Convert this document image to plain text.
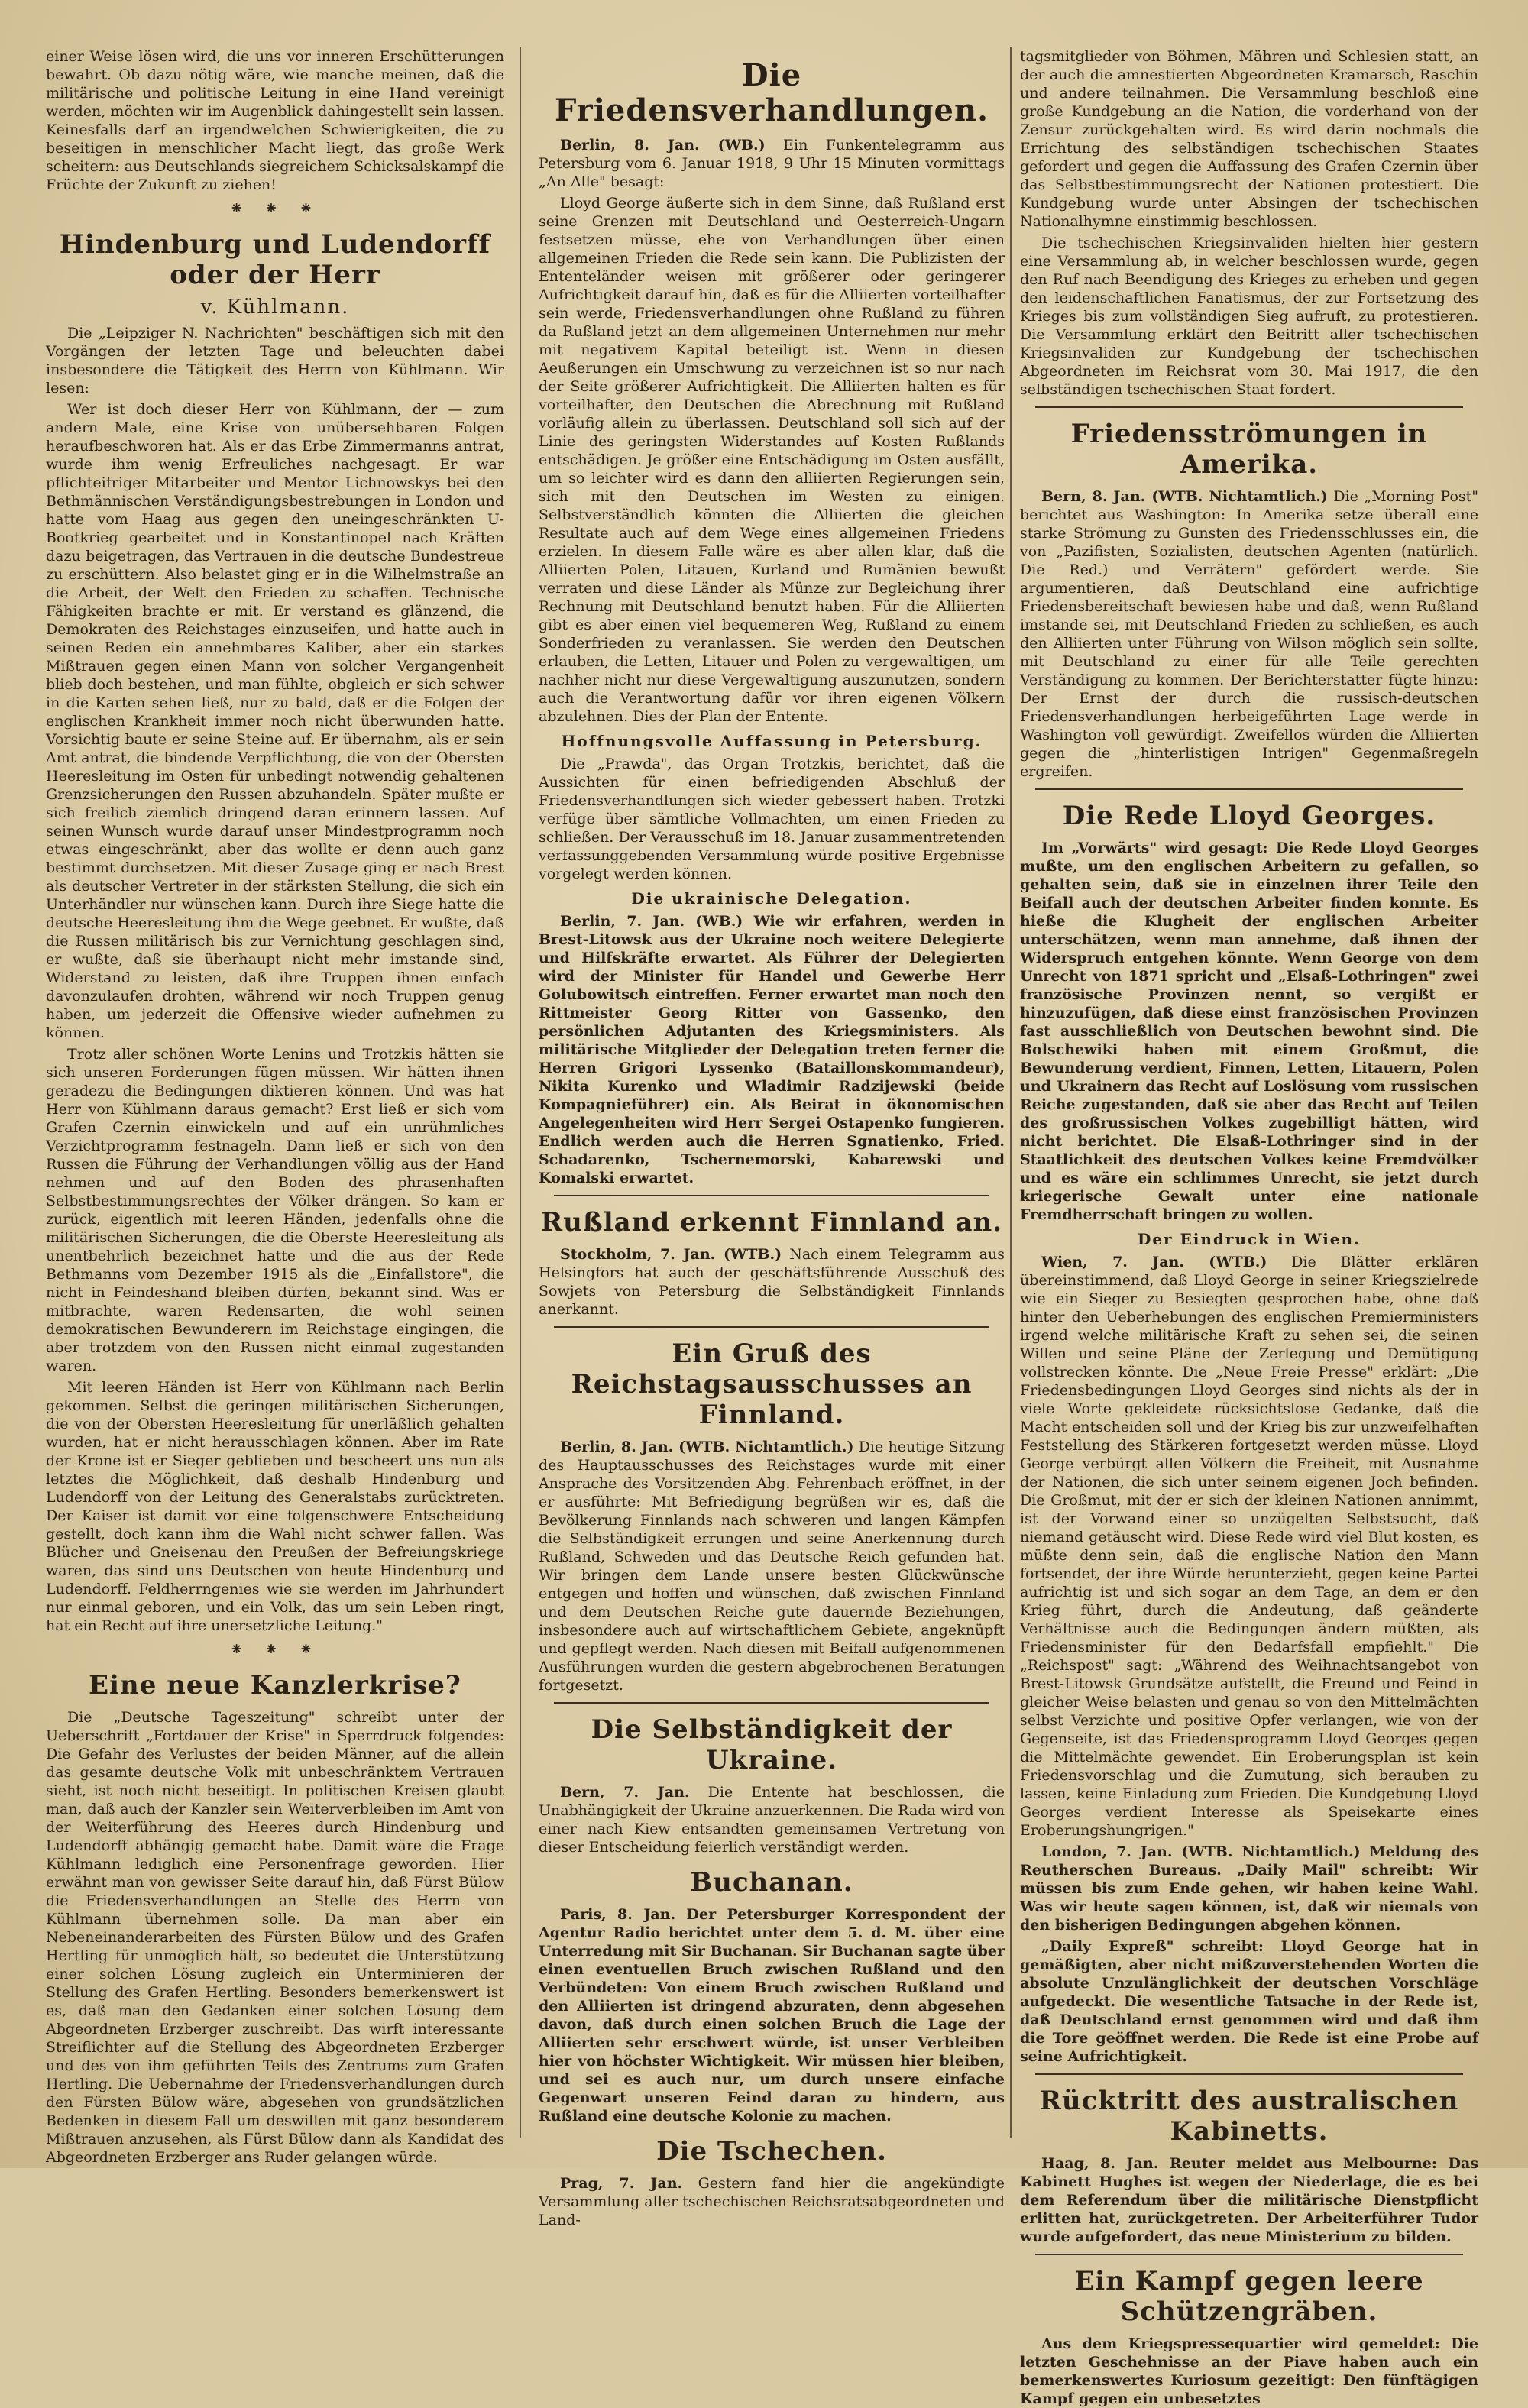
einer Weise lösen wird, die uns vor inneren Erschütterungen bewahrt. Ob dazu nötig wäre, wie manche meinen, daß die militärische und politische Leitung in eine Hand vereinigt werden, möchten wir im Augenblick dahingestellt sein lassen. Keinesfalls darf an irgendwelchen Schwierigkeiten, die zu beseitigen in menschlicher Macht liegt, das große Werk scheitern: aus Deutschlands siegreichem Schicksalskampf die Früchte der Zukunft zu ziehen!

⁕ ⁕ ⁕
Hindenburg und Ludendorff oder der Herr
v. Kühlmann.

Die „Leipziger N. Nachrichten" beschäftigen sich mit den Vorgängen der letzten Tage und beleuchten dabei insbesondere die Tätigkeit des Herrn von Kühlmann. Wir lesen:

Wer ist doch dieser Herr von Kühlmann, der — zum andern Male, eine Krise von unübersehbaren Folgen heraufbeschworen hat. Als er das Erbe Zimmermanns antrat, wurde ihm wenig Erfreuliches nachgesagt. Er war pflichteifriger Mitarbeiter und Mentor Lichnowskys bei den Bethmännischen Verständigungsbestrebungen in London und hatte vom Haag aus gegen den uneingeschränkten U-Bootkrieg gearbeitet und in Konstantinopel nach Kräften dazu beigetragen, das Vertrauen in die deutsche Bundestreue zu erschüttern. Also belastet ging er in die Wilhelmstraße an die Arbeit, der Welt den Frieden zu schaffen. Technische Fähigkeiten brachte er mit. Er verstand es glänzend, die Demokraten des Reichstages einzuseifen, und hatte auch in seinen Reden ein annehmbares Kaliber, aber ein starkes Mißtrauen gegen einen Mann von solcher Vergangenheit blieb doch bestehen, und man fühlte, obgleich er sich schwer in die Karten sehen ließ, nur zu bald, daß er die Folgen der englischen Krankheit immer noch nicht überwunden hatte. Vorsichtig baute er seine Steine auf. Er übernahm, als er sein Amt antrat, die bindende Verpflichtung, die von der Obersten Heeresleitung im Osten für unbedingt notwendig gehaltenen Grenzsicherungen den Russen abzuhandeln. Später mußte er sich freilich ziemlich dringend daran erinnern lassen. Auf seinen Wunsch wurde darauf unser Mindestprogramm noch etwas eingeschränkt, aber das wollte er denn auch ganz bestimmt durchsetzen. Mit dieser Zusage ging er nach Brest als deutscher Vertreter in der stärksten Stellung, die sich ein Unterhändler nur wünschen kann. Durch ihre Siege hatte die deutsche Heeresleitung ihm die Wege geebnet. Er wußte, daß die Russen militärisch bis zur Vernichtung geschlagen sind, er wußte, daß sie überhaupt nicht mehr imstande sind, Widerstand zu leisten, daß ihre Truppen ihnen einfach davonzulaufen drohten, während wir noch Truppen genug haben, um jederzeit die Offensive wieder aufnehmen zu können.

Trotz aller schönen Worte Lenins und Trotzkis hätten sie sich unseren Forderungen fügen müssen. Wir hätten ihnen geradezu die Bedingungen diktieren können. Und was hat Herr von Kühlmann daraus gemacht? Erst ließ er sich vom Grafen Czernin einwickeln und auf ein unrühmliches Verzichtprogramm festnageln. Dann ließ er sich von den Russen die Führung der Verhandlungen völlig aus der Hand nehmen und auf den Boden des phrasenhaften Selbstbestimmungsrechtes der Völker drängen. So kam er zurück, eigentlich mit leeren Händen, jedenfalls ohne die militärischen Sicherungen, die die Oberste Heeresleitung als unentbehrlich bezeichnet hatte und die aus der Rede Bethmanns vom Dezember 1915 als die „Einfallstore", die nicht in Feindeshand bleiben dürfen, bekannt sind. Was er mitbrachte, waren Redensarten, die wohl seinen demokratischen Bewunderern im Reichstage eingingen, die aber trotzdem von den Russen nicht einmal zugestanden waren.

Mit leeren Händen ist Herr von Kühlmann nach Berlin gekommen. Selbst die geringen militärischen Sicherungen, die von der Obersten Heeresleitung für unerläßlich gehalten wurden, hat er nicht herausschlagen können. Aber im Rate der Krone ist er Sieger geblieben und bescheert uns nun als letztes die Möglichkeit, daß deshalb Hindenburg und Ludendorff von der Leitung des Generalstabs zurücktreten. Der Kaiser ist damit vor eine folgenschwere Entscheidung gestellt, doch kann ihm die Wahl nicht schwer fallen. Was Blücher und Gneisenau den Preußen der Befreiungskriege waren, das sind uns Deutschen von heute Hindenburg und Ludendorff. Feldherrngenies wie sie werden im Jahrhundert nur einmal geboren, und ein Volk, das um sein Leben ringt, hat ein Recht auf ihre unersetzliche Leitung."

⁕ ⁕ ⁕
Eine neue Kanzlerkrise?

Die „Deutsche Tageszeitung" schreibt unter der Ueberschrift „Fortdauer der Krise" in Sperrdruck folgendes: Die Gefahr des Verlustes der beiden Männer, auf die allein das gesamte deutsche Volk mit unbeschränktem Vertrauen sieht, ist noch nicht beseitigt. In politischen Kreisen glaubt man, daß auch der Kanzler sein Weiterverbleiben im Amt von der Weiterführung des Heeres durch Hindenburg und Ludendorff abhängig gemacht habe. Damit wäre die Frage Kühlmann lediglich eine Personenfrage geworden. Hier erwähnt man von gewisser Seite darauf hin, daß Fürst Bülow die Friedensverhandlungen an Stelle des Herrn von Kühlmann übernehmen solle. Da man aber ein Nebeneinanderarbeiten des Fürsten Bülow und des Grafen Hertling für unmöglich hält, so bedeutet die Unterstützung einer solchen Lösung zugleich ein Unterminieren der Stellung des Grafen Hertling. Besonders bemerkenswert ist es, daß man den Gedanken einer solchen Lösung dem Abgeordneten Erzberger zuschreibt. Das wirft interessante Streiflichter auf die Stellung des Abgeordneten Erzberger und des von ihm geführten Teils des Zentrums zum Grafen Hertling. Die Uebernahme der Friedensverhandlungen durch den Fürsten Bülow wäre, abgesehen von grundsätzlichen Bedenken in diesem Fall um deswillen mit ganz besonderem Mißtrauen anzusehen, als Fürst Bülow dann als Kandidat des Abgeordneten Erzberger ans Ruder gelangen würde.

Die Friedensverhandlungen.

Berlin, 8. Jan. (WB.) Ein Funkentelegramm aus Petersburg vom 6. Januar 1918, 9 Uhr 15 Minuten vormittags „An Alle" besagt:

Lloyd George äußerte sich in dem Sinne, daß Rußland erst seine Grenzen mit Deutschland und Oesterreich-Ungarn festsetzen müsse, ehe von Verhandlungen über einen allgemeinen Frieden die Rede sein kann. Die Publizisten der Ententeländer weisen mit größerer oder geringerer Aufrichtigkeit darauf hin, daß es für die Alliierten vorteilhafter sein werde, Friedensverhandlungen ohne Rußland zu führen da Rußland jetzt an dem allgemeinen Unternehmen nur mehr mit negativem Kapital beteiligt ist. Wenn in diesen Aeußerungen ein Umschwung zu verzeichnen ist so nur nach der Seite größerer Aufrichtigkeit. Die Alliierten halten es für vorteilhafter, den Deutschen die Abrechnung mit Rußland vorläufig allein zu überlassen. Deutschland soll sich auf der Linie des geringsten Widerstandes auf Kosten Rußlands entschädigen. Je größer eine Entschädigung im Osten ausfällt, um so leichter wird es dann den alliierten Regierungen sein, sich mit den Deutschen im Westen zu einigen. Selbstverständlich könnten die Alliierten die gleichen Resultate auch auf dem Wege eines allgemeinen Friedens erzielen. In diesem Falle wäre es aber allen klar, daß die Alliierten Polen, Litauen, Kurland und Rumänien bewußt verraten und diese Länder als Münze zur Begleichung ihrer Rechnung mit Deutschland benutzt haben. Für die Alliierten gibt es aber einen viel bequemeren Weg, Rußland zu einem Sonderfrieden zu veranlassen. Sie werden den Deutschen erlauben, die Letten, Litauer und Polen zu vergewaltigen, um nachher nicht nur diese Vergewaltigung auszunutzen, sondern auch die Verantwortung dafür vor ihren eigenen Völkern abzulehnen. Dies der Plan der Entente.

Hoffnungsvolle Auffassung in Petersburg.

Die „Prawda", das Organ Trotzkis, berichtet, daß die Aussichten für einen befriedigenden Abschluß der Friedensverhandlungen sich wieder gebessert haben. Trotzki verfüge über sämtliche Vollmachten, um einen Frieden zu schließen. Der Verausschuß im 18. Januar zusammentretenden verfassunggebenden Versammlung würde positive Ergebnisse vorgelegt werden können.

Die ukrainische Delegation.

Berlin, 7. Jan. (WB.) Wie wir erfahren, werden in Brest-Litowsk aus der Ukraine noch weitere Delegierte und Hilfskräfte erwartet. Als Führer der Delegierten wird der Minister für Handel und Gewerbe Herr Golubowitsch eintreffen. Ferner erwartet man noch den Rittmeister Georg Ritter von Gassenko, den persönlichen Adjutanten des Kriegsministers. Als militärische Mitglieder der Delegation treten ferner die Herren Grigori Lyssenko (Bataillonskommandeur), Nikita Kurenko und Wladimir Radzijewski (beide Kompagnieführer) ein. Als Beirat in ökonomischen Angelegenheiten wird Herr Sergei Ostapenko fungieren. Endlich werden auch die Herren Sgnatienko, Fried. Schadarenko, Tschernemorski, Kabarewski und Komalski erwartet.

Rußland erkennt Finnland an.

Stockholm, 7. Jan. (WTB.) Nach einem Telegramm aus Helsingfors hat auch der geschäftsführende Ausschuß des Sowjets von Petersburg die Selbständigkeit Finnlands anerkannt.

Ein Gruß des Reichstagsausschusses an Finnland.

Berlin, 8. Jan. (WTB. Nichtamtlich.) Die heutige Sitzung des Hauptausschusses des Reichstages wurde mit einer Ansprache des Vorsitzenden Abg. Fehrenbach eröffnet, in der er ausführte: Mit Befriedigung begrüßen wir es, daß die Bevölkerung Finnlands nach schweren und langen Kämpfen die Selbständigkeit errungen und seine Anerkennung durch Rußland, Schweden und das Deutsche Reich gefunden hat. Wir bringen dem Lande unsere besten Glückwünsche entgegen und hoffen und wünschen, daß zwischen Finnland und dem Deutschen Reiche gute dauernde Beziehungen, insbesondere auch auf wirtschaftlichem Gebiete, angeknüpft und gepflegt werden. Nach diesen mit Beifall aufgenommenen Ausführungen wurden die gestern abgebrochenen Beratungen fortgesetzt.

Die Selbständigkeit der Ukraine.

Bern, 7. Jan. Die Entente hat beschlossen, die Unabhängigkeit der Ukraine anzuerkennen. Die Rada wird von einer nach Kiew entsandten gemeinsamen Vertretung von dieser Entscheidung feierlich verständigt werden.

Buchanan.

Paris, 8. Jan. Der Petersburger Korrespondent der Agentur Radio berichtet unter dem 5. d. M. über eine Unterredung mit Sir Buchanan. Sir Buchanan sagte über einen eventuellen Bruch zwischen Rußland und den Verbündeten: Von einem Bruch zwischen Rußland und den Alliierten ist dringend abzuraten, denn abgesehen davon, daß durch einen solchen Bruch die Lage der Alliierten sehr erschwert würde, ist unser Verbleiben hier von höchster Wichtigkeit. Wir müssen hier bleiben, und sei es auch nur, um durch unsere einfache Gegenwart unseren Feind daran zu hindern, aus Rußland eine deutsche Kolonie zu machen.

Die Tschechen.

Prag, 7. Jan. Gestern fand hier die angekündigte Versammlung aller tschechischen Reichsratsabgeordneten und Land-

tagsmitglieder von Böhmen, Mähren und Schlesien statt, an der auch die amnestierten Abgeordneten Kramarsch, Raschin und andere teilnahmen. Die Versammlung beschloß eine große Kundgebung an die Nation, die vorderhand von der Zensur zurückgehalten wird. Es wird darin nochmals die Errichtung des selbständigen tschechischen Staates gefordert und gegen die Auffassung des Grafen Czernin über das Selbstbestimmungsrecht der Nationen protestiert. Die Kundgebung wurde unter Absingen der tschechischen Nationalhymne einstimmig beschlossen.

Die tschechischen Kriegsinvaliden hielten hier gestern eine Versammlung ab, in welcher beschlossen wurde, gegen den Ruf nach Beendigung des Krieges zu erheben und gegen den leidenschaftlichen Fanatismus, der zur Fortsetzung des Krieges bis zum vollständigen Sieg aufruft, zu protestieren. Die Versammlung erklärt den Beitritt aller tschechischen Kriegsinvaliden zur Kundgebung der tschechischen Abgeordneten im Reichsrat vom 30. Mai 1917, die den selbständigen tschechischen Staat fordert.

Friedensströmungen in Amerika.

Bern, 8. Jan. (WTB. Nichtamtlich.) Die „Morning Post" berichtet aus Washington: In Amerika setze überall eine starke Strömung zu Gunsten des Friedensschlusses ein, die von „Pazifisten, Sozialisten, deutschen Agenten (natürlich. Die Red.) und Verrätern" gefördert werde. Sie argumentieren, daß Deutschland eine aufrichtige Friedensbereitschaft bewiesen habe und daß, wenn Rußland imstande sei, mit Deutschland Frieden zu schließen, es auch den Alliierten unter Führung von Wilson möglich sein sollte, mit Deutschland zu einer für alle Teile gerechten Verständigung zu kommen. Der Berichterstatter fügte hinzu: Der Ernst der durch die russisch-deutschen Friedensverhandlungen herbeigeführten Lage werde in Washington voll gewürdigt. Zweifellos würden die Alliierten gegen die „hinterlistigen Intrigen" Gegenmaßregeln ergreifen.

Die Rede Lloyd Georges.

Im „Vorwärts" wird gesagt: Die Rede Lloyd Georges mußte, um den englischen Arbeitern zu gefallen, so gehalten sein, daß sie in einzelnen ihrer Teile den Beifall auch der deutschen Arbeiter finden konnte. Es hieße die Klugheit der englischen Arbeiter unterschätzen, wenn man annehme, daß ihnen der Widerspruch entgehen könnte. Wenn George von dem Unrecht von 1871 spricht und „Elsaß-Lothringen" zwei französische Provinzen nennt, so vergißt er hinzuzufügen, daß diese einst französischen Provinzen fast ausschließlich von Deutschen bewohnt sind. Die Bolschewiki haben mit einem Großmut, die Bewunderung verdient, Finnen, Letten, Litauern, Polen und Ukrainern das Recht auf Loslösung vom russischen Reiche zugestanden, daß sie aber das Recht auf Teilen des großrussischen Volkes zugebilligt hätten, wird nicht berichtet. Die Elsaß-Lothringer sind in der Staatlichkeit des deutschen Volkes keine Fremdvölker und es wäre ein schlimmes Unrecht, sie jetzt durch kriegerische Gewalt unter eine nationale Fremdherrschaft bringen zu wollen.

Der Eindruck in Wien.

Wien, 7. Jan. (WTB.) Die Blätter erklären übereinstimmend, daß Lloyd George in seiner Kriegszielrede wie ein Sieger zu Besiegten gesprochen habe, ohne daß hinter den Ueberhebungen des englischen Premierministers irgend welche militärische Kraft zu sehen sei, die seinen Willen und seine Pläne der Zerlegung und Demütigung vollstrecken könnte. Die „Neue Freie Presse" erklärt: „Die Friedensbedingungen Lloyd Georges sind nichts als der in viele Worte gekleidete rücksichtslose Gedanke, daß die Macht entscheiden soll und der Krieg bis zur unzweifelhaften Feststellung des Stärkeren fortgesetzt werden müsse. Lloyd George verbürgt allen Völkern die Freiheit, mit Ausnahme der Nationen, die sich unter seinem eigenen Joch befinden. Die Großmut, mit der er sich der kleinen Nationen annimmt, ist der Vorwand einer so unzügelten Selbstsucht, daß niemand getäuscht wird. Diese Rede wird viel Blut kosten, es müßte denn sein, daß die englische Nation den Mann fortsendet, der ihre Würde herunterzieht, gegen keine Partei aufrichtig ist und sich sogar an dem Tage, an dem er den Krieg führt, durch die Andeutung, daß geänderte Verhältnisse auch die Bedingungen ändern müßten, als Friedensminister für den Bedarfsfall empfiehlt." Die „Reichspost" sagt: „Während des Weihnachtsangebot von Brest-Litowsk Grundsätze aufstellt, die Freund und Feind in gleicher Weise belasten und genau so von den Mittelmächten selbst Verzichte und positive Opfer verlangen, wie von der Gegenseite, ist das Friedensprogramm Lloyd Georges gegen die Mittelmächte gewendet. Ein Eroberungsplan ist kein Friedensvorschlag und die Zumutung, sich berauben zu lassen, keine Einladung zum Frieden. Die Kundgebung Lloyd Georges verdient Interesse als Speisekarte eines Eroberungshungrigen."

London, 7. Jan. (WTB. Nichtamtlich.) Meldung des Reutherschen Bureaus. „Daily Mail" schreibt: Wir müssen bis zum Ende gehen, wir haben keine Wahl. Was wir heute sagen können, ist, daß wir niemals von den bisherigen Bedingungen abgehen können.

„Daily Expreß" schreibt: Lloyd George hat in gemäßigten, aber nicht mißzuverstehenden Worten die absolute Unzulänglichkeit der deutschen Vorschläge aufgedeckt. Die wesentliche Tatsache in der Rede ist, daß Deutschland ernst genommen wird und daß ihm die Tore geöffnet werden. Die Rede ist eine Probe auf seine Aufrichtigkeit.

Rücktritt des australischen Kabinetts.

Haag, 8. Jan. Reuter meldet aus Melbourne: Das Kabinett Hughes ist wegen der Niederlage, die es bei dem Referendum über die militärische Dienstpflicht erlitten hat, zurückgetreten. Der Arbeiterführer Tudor wurde aufgefordert, das neue Ministerium zu bilden.

Ein Kampf gegen leere Schützengräben.

Aus dem Kriegspressequartier wird gemeldet: Die letzten Geschehnisse an der Piave haben auch ein bemerkenswertes Kuriosum gezeitigt: Den fünftägigen Kampf gegen ein unbesetztes
